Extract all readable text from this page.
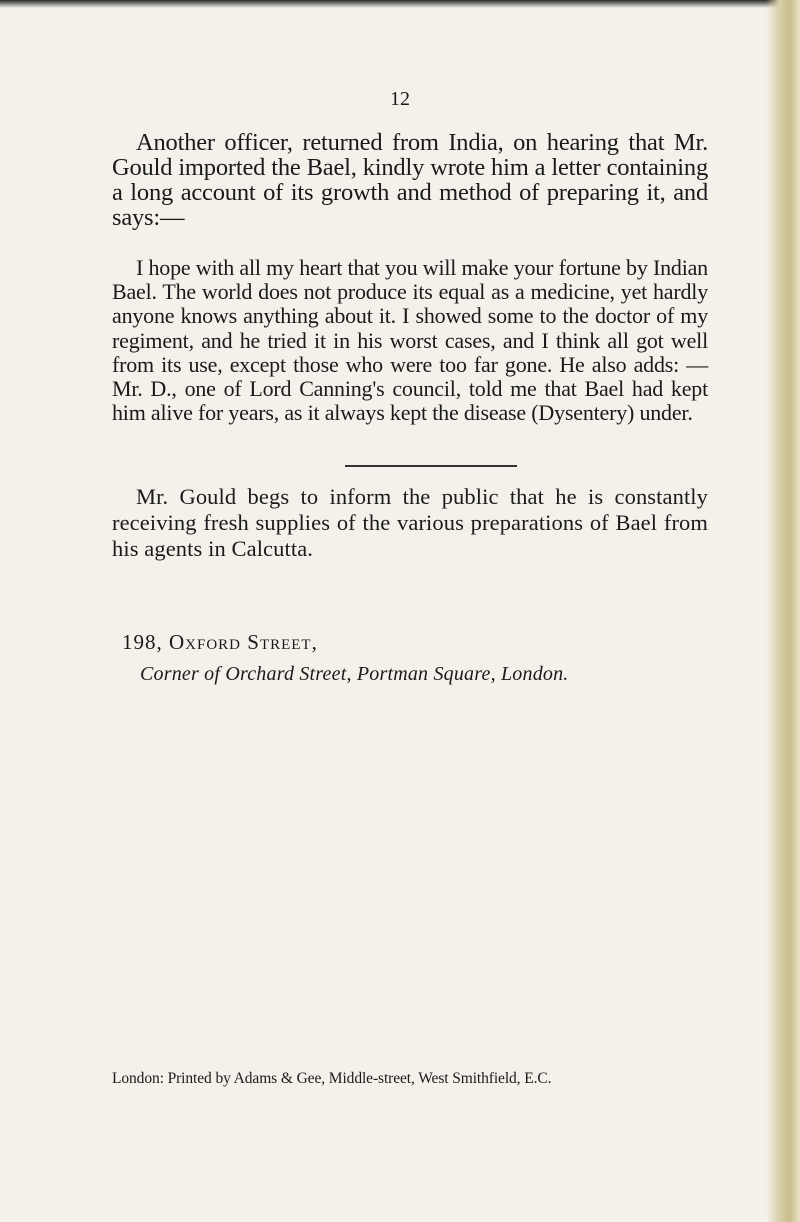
12

Another officer, returned from India, on hearing that Mr. Gould imported the Bael, kindly wrote him a letter containing a long account of its growth and method of preparing it, and says:—

I hope with all my heart that you will make your fortune by Indian Bael. The world does not produce its equal as a medicine, yet hardly anyone knows anything about it. I showed some to the doctor of my regiment, and he tried it in his worst cases, and I think all got well from its use, except those who were too far gone. He also adds: —Mr. D., one of Lord Canning's council, told me that Bael had kept him alive for years, as it always kept the disease (Dysentery) under.

Mr. Gould begs to inform the public that he is constantly receiving fresh supplies of the various preparations of Bael from his agents in Calcutta.

198, Oxford Street,
Corner of Orchard Street, Portman Square, London.
London: Printed by Adams & Gee, Middle-street, West Smithfield, E.C.
